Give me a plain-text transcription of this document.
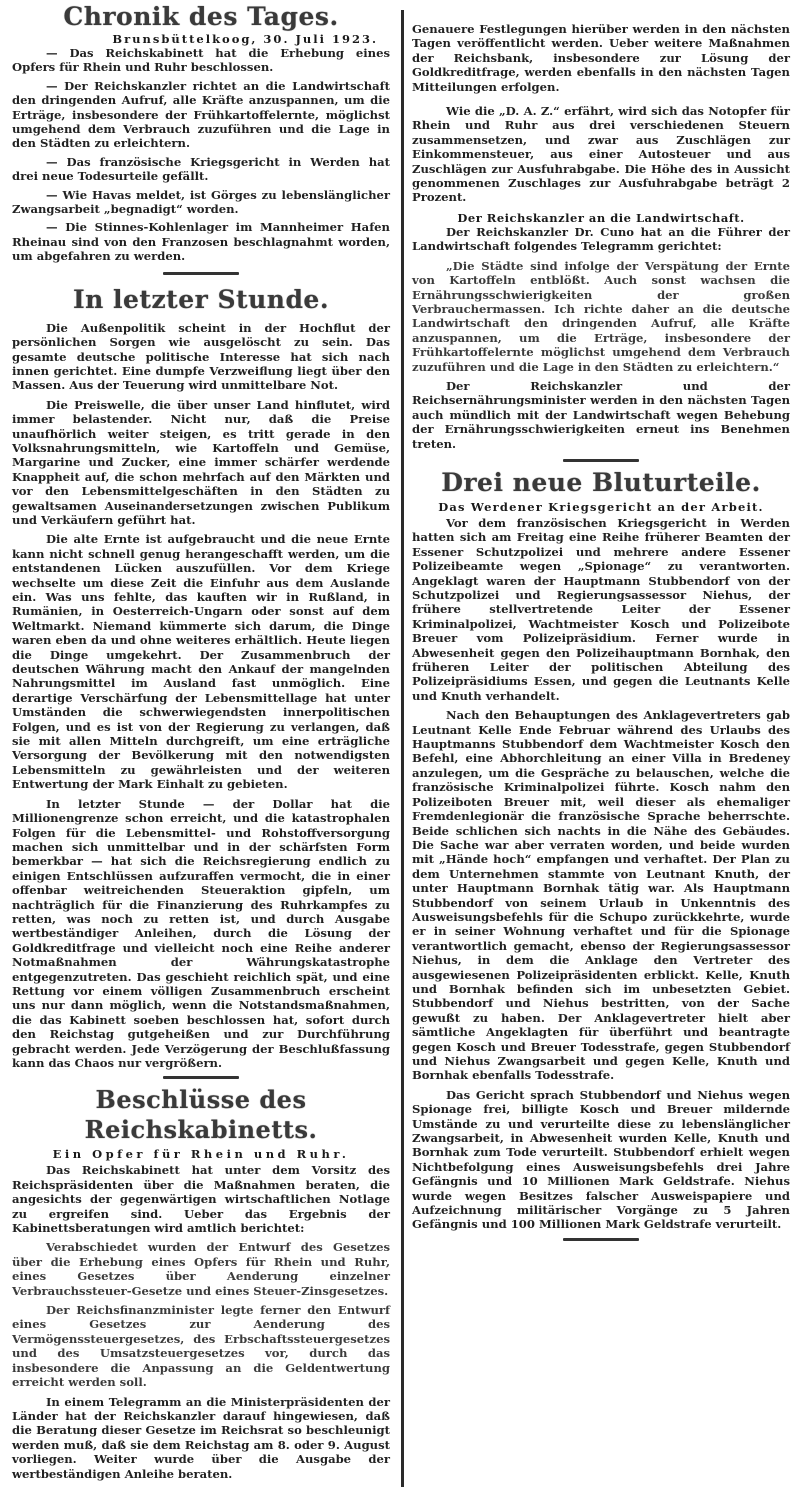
Chronik des Tages.
Brunsbüttelkoog, 30. Juli 1923.

— Das Reichskabinett hat die Erhebung eines Opfers für Rhein und Ruhr beschlossen.

— Der Reichskanzler richtet an die Landwirtschaft den dringenden Aufruf, alle Kräfte anzuspannen, um die Erträge, insbesondere der Frühkartoffelernte, möglichst umgehend dem Verbrauch zuzuführen und die Lage in den Städten zu erleichtern.

— Das französische Kriegsgericht in Werden hat drei neue Todesurteile gefällt.

— Wie Havas meldet, ist Görges zu lebenslänglicher Zwangsarbeit „begnadigt“ worden.

— Die Stinnes-Kohlenlager im Mannheimer Hafen Rheinau sind von den Franzosen beschlagnahmt worden, um abgefahren zu werden.

In letzter Stunde.

Die Außenpolitik scheint in der Hochflut der persönlichen Sorgen wie ausgelöscht zu sein. Das gesamte deutsche politische Interesse hat sich nach innen gerichtet. Eine dumpfe Verzweiflung liegt über den Massen. Aus der Teuerung wird unmittelbare Not.

Die Preiswelle, die über unser Land hinflutet, wird immer belastender. Nicht nur, daß die Preise unaufhörlich weiter steigen, es tritt gerade in den Volksnahrungsmitteln, wie Kartoffeln und Gemüse, Margarine und Zucker, eine immer schärfer werdende Knappheit auf, die schon mehrfach auf den Märkten und vor den Lebensmittelgeschäften in den Städten zu gewaltsamen Auseinandersetzungen zwischen Publikum und Verkäufern geführt hat.

Die alte Ernte ist aufgebraucht und die neue Ernte kann nicht schnell genug herangeschafft werden, um die entstandenen Lücken auszufüllen. Vor dem Kriege wechselte um diese Zeit die Einfuhr aus dem Auslande ein. Was uns fehlte, das kauften wir in Rußland, in Rumänien, in Oesterreich-Ungarn oder sonst auf dem Weltmarkt. Niemand kümmerte sich darum, die Dinge waren eben da und ohne weiteres erhältlich. Heute liegen die Dinge umgekehrt. Der Zusammenbruch der deutschen Währung macht den Ankauf der mangelnden Nahrungsmittel im Ausland fast unmöglich. Eine derartige Verschärfung der Lebensmittellage hat unter Umständen die schwerwiegendsten innerpolitischen Folgen, und es ist von der Regierung zu verlangen, daß sie mit allen Mitteln durchgreift, um eine erträgliche Versorgung der Bevölkerung mit den notwendigsten Lebensmitteln zu gewährleisten und der weiteren Entwertung der Mark Einhalt zu gebieten.

In letzter Stunde — der Dollar hat die Millionengrenze schon erreicht, und die katastrophalen Folgen für die Lebensmittel- und Rohstoffversorgung machen sich unmittelbar und in der schärfsten Form bemerkbar — hat sich die Reichsregierung endlich zu einigen Entschlüssen aufzuraffen vermocht, die in einer offenbar weitreichenden Steueraktion gipfeln, um nachträglich für die Finanzierung des Ruhrkampfes zu retten, was noch zu retten ist, und durch Ausgabe wertbeständiger Anleihen, durch die Lösung der Goldkreditfrage und vielleicht noch eine Reihe anderer Notmaßnahmen der Währungskatastrophe entgegenzutreten. Das geschieht reichlich spät, und eine Rettung vor einem völligen Zusammenbruch erscheint uns nur dann möglich, wenn die Notstandsmaßnahmen, die das Kabinett soeben beschlossen hat, sofort durch den Reichstag gutgeheißen und zur Durchführung gebracht werden. Jede Verzögerung der Beschlußfassung kann das Chaos nur vergrößern.

Beschlüsse des Reichskabinetts.
Ein Opfer für Rhein und Ruhr.

Das Reichskabinett hat unter dem Vorsitz des Reichspräsidenten über die Maßnahmen beraten, die angesichts der gegenwärtigen wirtschaftlichen Notlage zu ergreifen sind. Ueber das Ergebnis der Kabinettsberatungen wird amtlich berichtet:

Verabschiedet wurden der Entwurf des Gesetzes über die Erhebung eines Opfers für Rhein und Ruhr, eines Gesetzes über Aenderung einzelner Verbrauchssteuer-Gesetze und eines Steuer-Zinsgesetzes.

Der Reichsfinanzminister legte ferner den Entwurf eines Gesetzes zur Aenderung des Vermögenssteuergesetzes, des Erbschaftssteuergesetzes und des Umsatzsteuergesetzes vor, durch das insbesondere die Anpassung an die Geldentwertung erreicht werden soll.

In einem Telegramm an die Ministerpräsidenten der Länder hat der Reichskanzler darauf hingewiesen, daß die Beratung dieser Gesetze im Reichsrat so beschleunigt werden muß, daß sie dem Reichstag am 8. oder 9. August vorliegen. Weiter wurde über die Ausgabe der wertbeständigen Anleihe beraten.

Genauere Festlegungen hierüber werden in den nächsten Tagen veröffentlicht werden. Ueber weitere Maßnahmen der Reichsbank, insbesondere zur Lösung der Goldkreditfrage, werden ebenfalls in den nächsten Tagen Mitteilungen erfolgen.

Wie die „D. A. Z.“ erfährt, wird sich das Notopfer für Rhein und Ruhr aus drei verschiedenen Steuern zusammensetzen, und zwar aus Zuschlägen zur Einkommensteuer, aus einer Autosteuer und aus Zuschlägen zur Ausfuhrabgabe. Die Höhe des in Aussicht genommenen Zuschlages zur Ausfuhrabgabe beträgt 2 Prozent.

Der Reichskanzler an die Landwirtschaft.

Der Reichskanzler Dr. Cuno hat an die Führer der Landwirtschaft folgendes Telegramm gerichtet:

„Die Städte sind infolge der Verspätung der Ernte von Kartoffeln entblößt. Auch sonst wachsen die Ernährungsschwierigkeiten der großen Verbrauchermassen. Ich richte daher an die deutsche Landwirtschaft den dringenden Aufruf, alle Kräfte anzuspannen, um die Erträge, insbesondere der Frühkartoffelernte möglichst umgehend dem Verbrauch zuzuführen und die Lage in den Städten zu erleichtern.“

Der Reichskanzler und der Reichsernährungsminister werden in den nächsten Tagen auch mündlich mit der Landwirtschaft wegen Behebung der Ernährungsschwierigkeiten erneut ins Benehmen treten.

Drei neue Bluturteile.
Das Werdener Kriegsgericht an der Arbeit.

Vor dem französischen Kriegsgericht in Werden hatten sich am Freitag eine Reihe früherer Beamten der Essener Schutzpolizei und mehrere andere Essener Polizeibeamte wegen „Spionage“ zu verantworten. Angeklagt waren der Hauptmann Stubbendorf von der Schutzpolizei und Regierungsassessor Niehus, der frühere stellvertretende Leiter der Essener Kriminalpolizei, Wachtmeister Kosch und Polizeibote Breuer vom Polizeipräsidium. Ferner wurde in Abwesenheit gegen den Polizeihauptmann Bornhak, den früheren Leiter der politischen Abteilung des Polizeipräsidiums Essen, und gegen die Leutnants Kelle und Knuth verhandelt.

Nach den Behauptungen des Anklagevertreters gab Leutnant Kelle Ende Februar während des Urlaubs des Hauptmanns Stubbendorf dem Wachtmeister Kosch den Befehl, eine Abhorchleitung an einer Villa in Bredeney anzulegen, um die Gespräche zu belauschen, welche die französische Kriminalpolizei führte. Kosch nahm den Polizeiboten Breuer mit, weil dieser als ehemaliger Fremdenlegionär die französische Sprache beherrschte. Beide schlichen sich nachts in die Nähe des Gebäudes. Die Sache war aber verraten worden, und beide wurden mit „Hände hoch“ empfangen und verhaftet. Der Plan zu dem Unternehmen stammte von Leutnant Knuth, der unter Hauptmann Bornhak tätig war. Als Hauptmann Stubbendorf von seinem Urlaub in Unkenntnis des Ausweisungsbefehls für die Schupo zurückkehrte, wurde er in seiner Wohnung verhaftet und für die Spionage verantwortlich gemacht, ebenso der Regierungsassessor Niehus, in dem die Anklage den Vertreter des ausgewiesenen Polizeipräsidenten erblickt. Kelle, Knuth und Bornhak befinden sich im unbesetzten Gebiet. Stubbendorf und Niehus bestritten, von der Sache gewußt zu haben. Der Anklagevertreter hielt aber sämtliche Angeklagten für überführt und beantragte gegen Kosch und Breuer Todesstrafe, gegen Stubbendorf und Niehus Zwangsarbeit und gegen Kelle, Knuth und Bornhak ebenfalls Todesstrafe.

Das Gericht sprach Stubbendorf und Niehus wegen Spionage frei, billigte Kosch und Breuer mildernde Umstände zu und verurteilte diese zu lebenslänglicher Zwangsarbeit, in Abwesenheit wurden Kelle, Knuth und Bornhak zum Tode verurteilt. Stubbendorf erhielt wegen Nichtbefolgung eines Ausweisungsbefehls drei Jahre Gefängnis und 10 Millionen Mark Geldstrafe. Niehus wurde wegen Besitzes falscher Ausweispapiere und Aufzeichnung militärischer Vorgänge zu 5 Jahren Gefängnis und 100 Millionen Mark Geldstrafe verurteilt.
